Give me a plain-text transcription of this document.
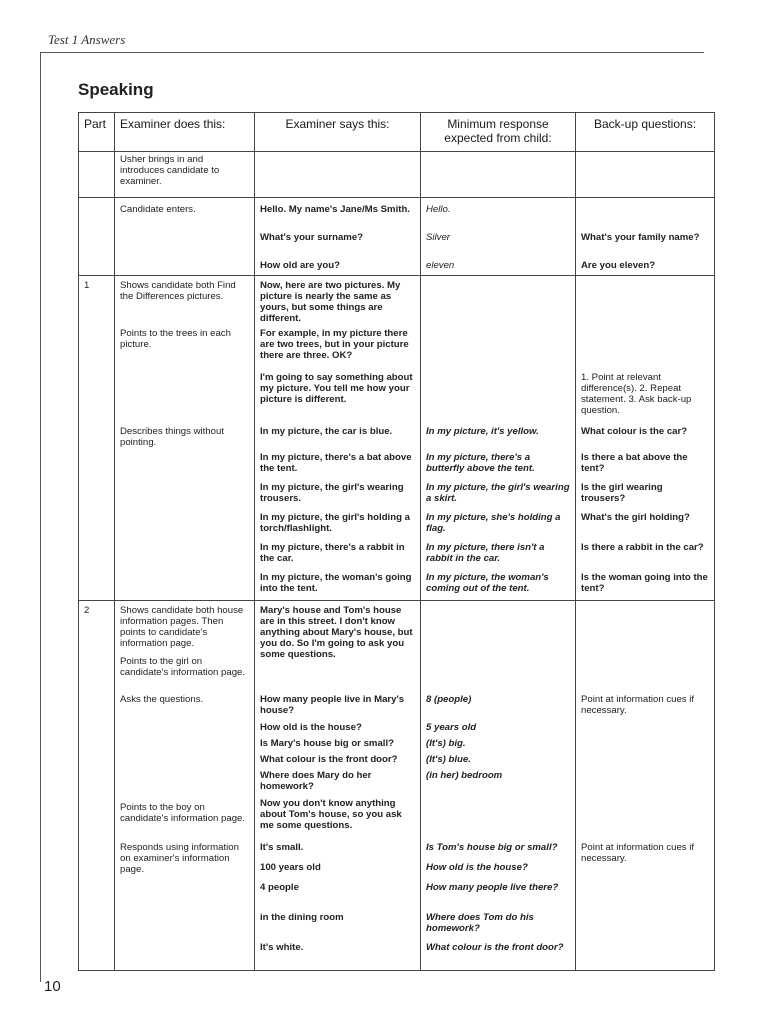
Test 1 Answers
Speaking
Part	Examiner does this:	Examiner says this:	Minimum response expected from child:	Back-up questions:
	Usher brings in and introduces candidate to examiner.			
	Candidate enters.	Hello. My name's Jane/Ms Smith.	Hello.	
		What's your surname?	Silver	What's your family name?
		How old are you?	eleven	Are you eleven?
1	Shows candidate both Find the Differences pictures.	Now, here are two pictures. My picture is nearly the same as yours, but some things are different.		
	Points to the trees in each picture.	For example, in my picture there are two trees, but in your picture there are three. OK?		
		I'm going to say something about my picture. You tell me how your picture is different.		1. Point at relevant difference(s). 2. Repeat statement. 3. Ask back-up question.
	Describes things without pointing.	In my picture, the car is blue.	In my picture, it's yellow.	What colour is the car?
		In my picture, there's a bat above the tent.	In my picture, there's a butterfly above the tent.	Is there a bat above the tent?
		In my picture, the girl's wearing trousers.	In my picture, the girl's wearing a skirt.	Is the girl wearing trousers?
		In my picture, the girl's holding a torch/flashlight.	In my picture, she's holding a flag.	What's the girl holding?
		In my picture, there's a rabbit in the car.	In my picture, there isn't a rabbit in the car.	Is there a rabbit in the car?
		In my picture, the woman's going into the tent.	In my picture, the woman's coming out of the tent.	Is the woman going into the tent?
2	Shows candidate both house information pages. Then points to candidate's information page.	Mary's house and Tom's house are in this street. I don't know anything about Mary's house, but you do. So I'm going to ask you some questions.		
	Points to the girl on candidate's information page.			
	Asks the questions.	How many people live in Mary's house?	8 (people)	Point at information cues if necessary.
		How old is the house?	5 years old	
		Is Mary's house big or small?	(It's) big.	
		What colour is the front door?	(It's) blue.	
		Where does Mary do her homework?	(in her) bedroom	
	Points to the boy on candidate's information page.	Now you don't know anything about Tom's house, so you ask me some questions.		
	Responds using information on examiner's information page.	It's small.	Is Tom's house big or small?	Point at information cues if necessary.
		100 years old	How old is the house?	
		4 people	How many people live there?	
		in the dining room	Where does Tom do his homework?	
		It's white.	What colour is the front door?	
10
